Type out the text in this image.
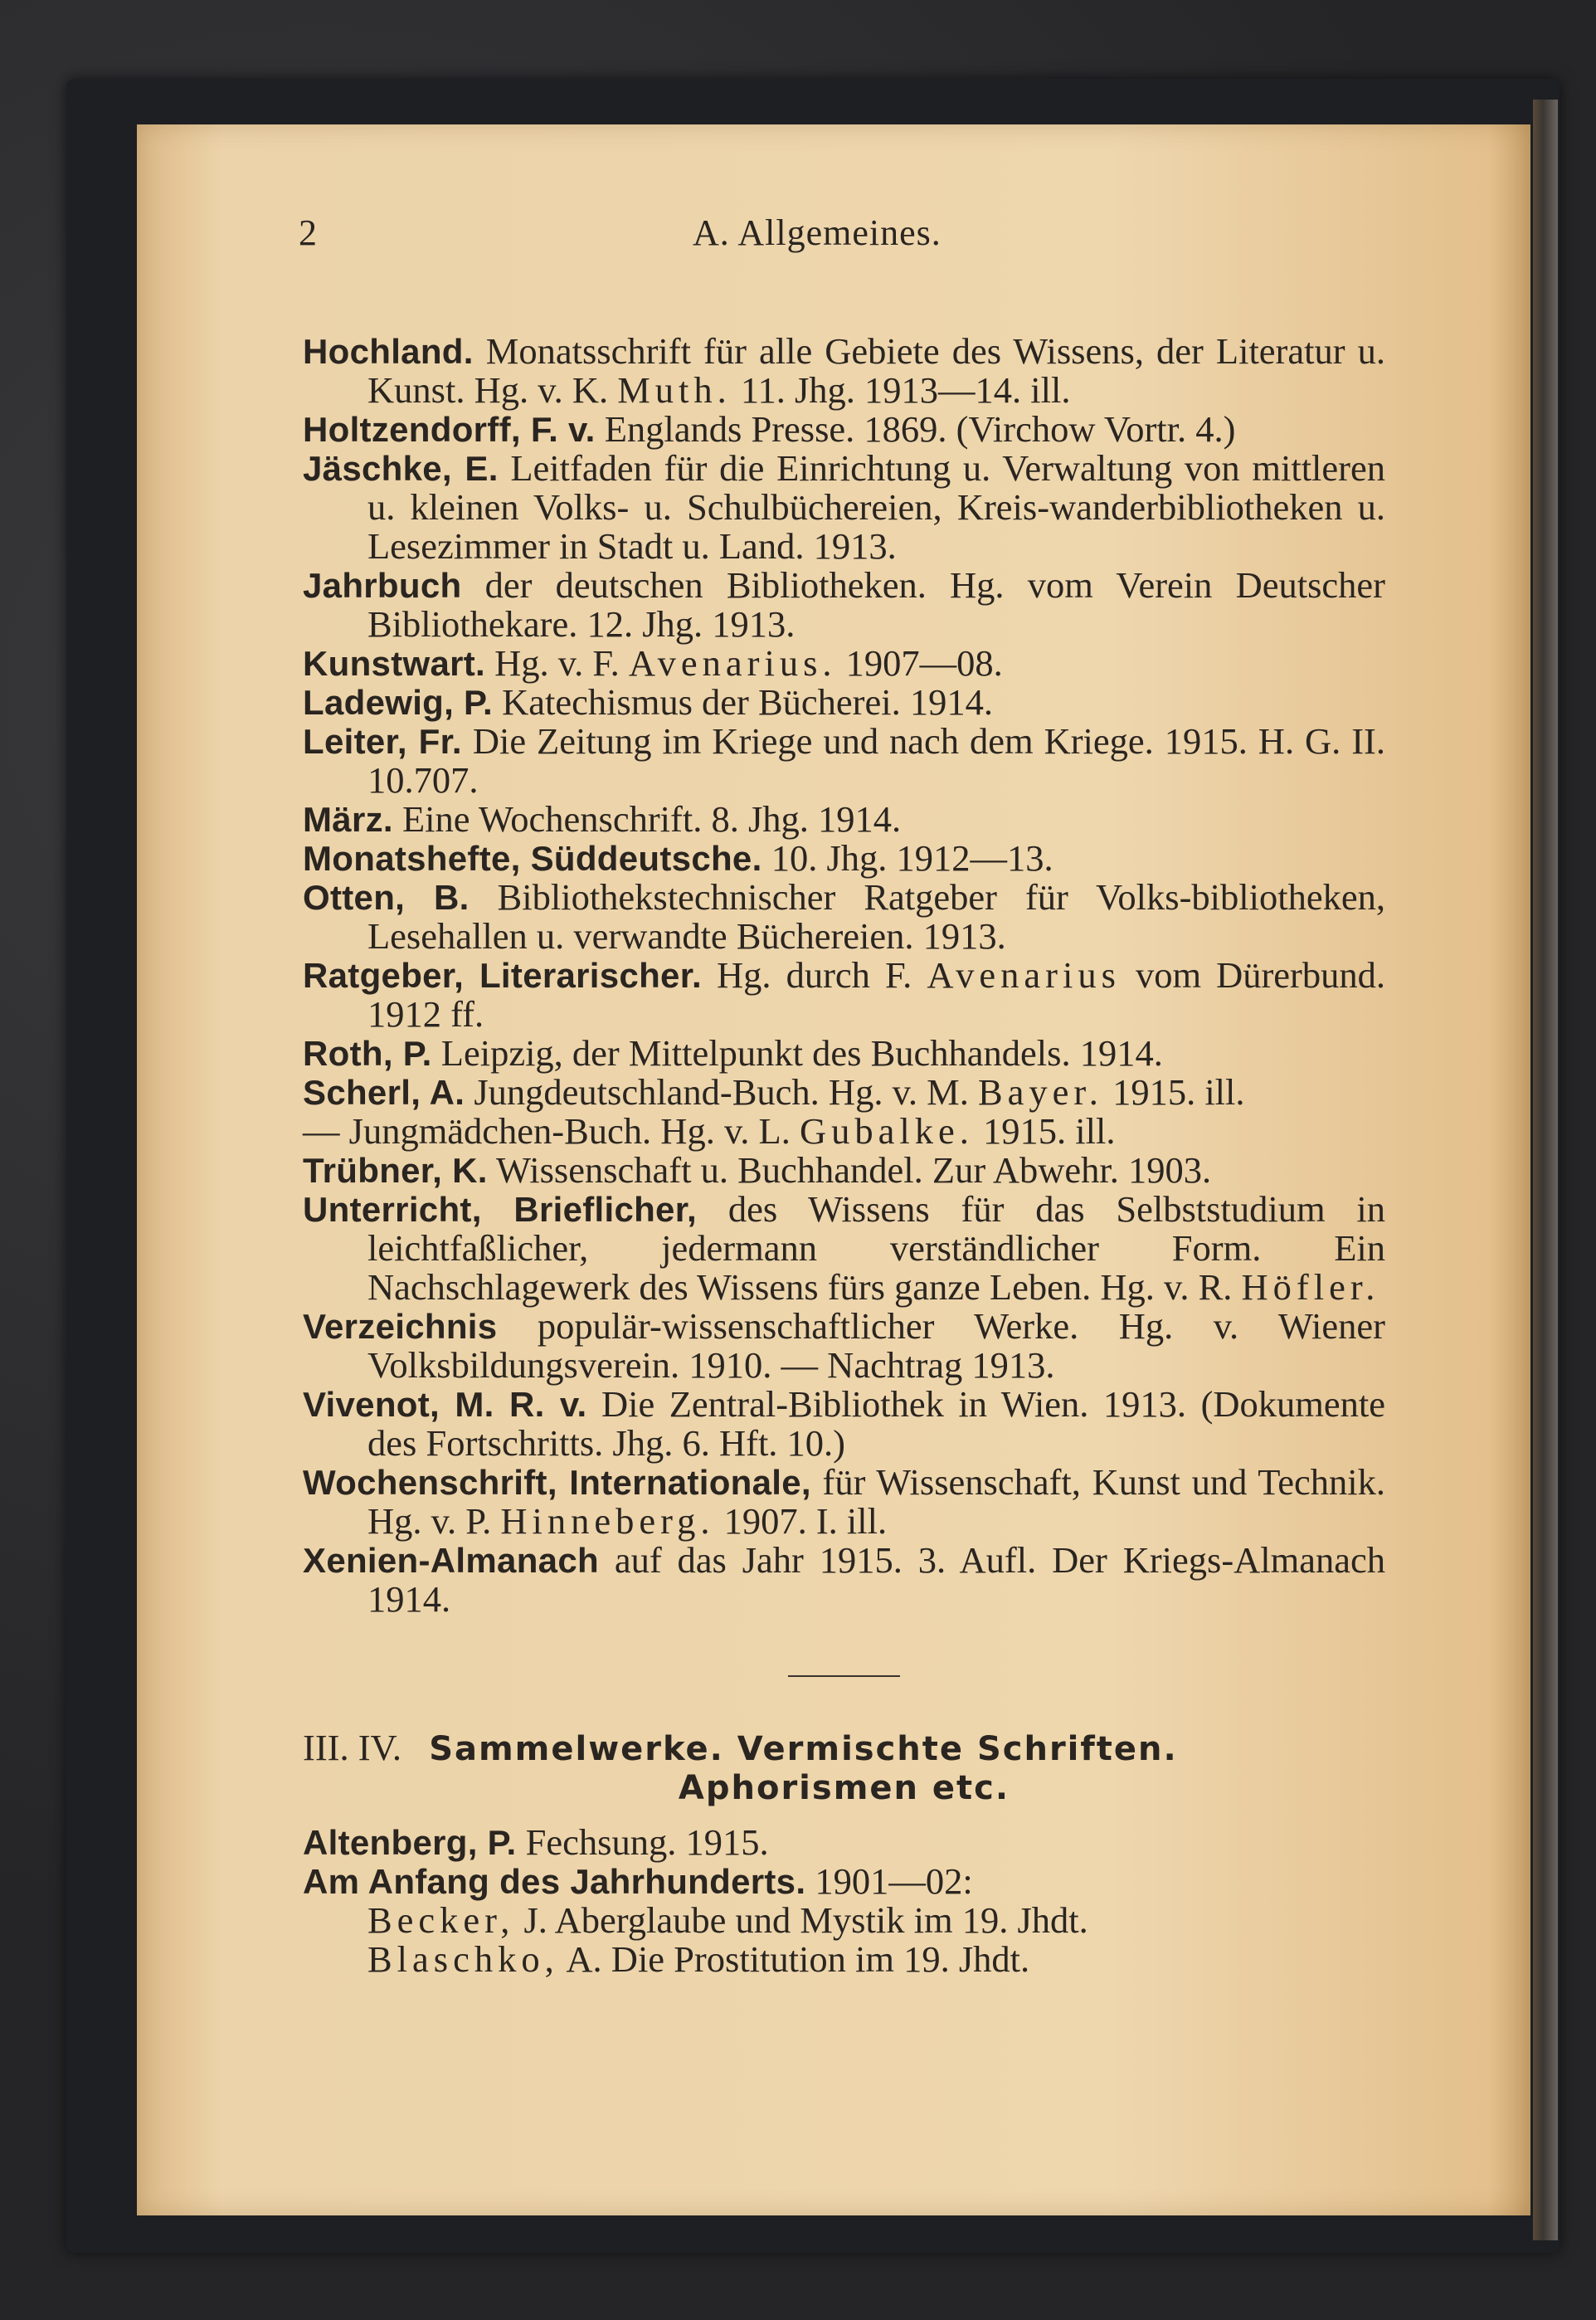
2	A. Allgemeines.

Hochland. Monatsschrift für alle Gebiete des Wissens, der Literatur u. Kunst. Hg. v. K. Muth. 11. Jhg. 1913—14. ill.

Holtzendorff, F. v. Englands Presse. 1869. (Virchow Vortr. 4.)

Jäschke, E. Leitfaden für die Einrichtung u. Verwaltung von mittleren u. kleinen Volks- u. Schulbüchereien, Kreis-wanderbibliotheken u. Lesezimmer in Stadt u. Land. 1913.

Jahrbuch der deutschen Bibliotheken. Hg. vom Verein Deutscher Bibliothekare. 12. Jhg. 1913.

Kunstwart. Hg. v. F. Avenarius. 1907—08.

Ladewig, P. Katechismus der Bücherei. 1914.

Leiter, Fr. Die Zeitung im Kriege und nach dem Kriege. 1915. H. G. II. 10.707.

März. Eine Wochenschrift. 8. Jhg. 1914.

Monatshefte, Süddeutsche. 10. Jhg. 1912—13.

Otten, B. Bibliothekstechnischer Ratgeber für Volks-bibliotheken, Lesehallen u. verwandte Büchereien. 1913.

Ratgeber, Literarischer. Hg. durch F. Avenarius vom Dürerbund. 1912 ff.

Roth, P. Leipzig, der Mittelpunkt des Buchhandels. 1914.

Scherl, A. Jungdeutschland-Buch. Hg. v. M. Bayer. 1915. ill.

— Jungmädchen-Buch. Hg. v. L. Gubalke. 1915. ill.

Trübner, K. Wissenschaft u. Buchhandel. Zur Abwehr. 1903.

Unterricht, Brieflicher, des Wissens für das Selbststudium in leichtfaßlicher, jedermann verständlicher Form. Ein Nachschlagewerk des Wissens fürs ganze Leben. Hg. v. R. Höfler.

Verzeichnis populär-wissenschaftlicher Werke. Hg. v. Wiener Volksbildungsverein. 1910. — Nachtrag 1913.

Vivenot, M. R. v. Die Zentral-Bibliothek in Wien. 1913. (Dokumente des Fortschritts. Jhg. 6. Hft. 10.)

Wochenschrift, Internationale, für Wissenschaft, Kunst und Technik. Hg. v. P. Hinneberg. 1907. I. ill.

Xenien-Almanach auf das Jahr 1915. 3. Aufl. Der Kriegs-Almanach 1914.

III. IV. Sammelwerke. Vermischte Schriften.
Aphorismen etc.

Altenberg, P. Fechsung. 1915.

Am Anfang des Jahrhunderts. 1901—02:

Becker, J. Aberglaube und Mystik im 19. Jhdt.

Blaschko, A. Die Prostitution im 19. Jhdt.
